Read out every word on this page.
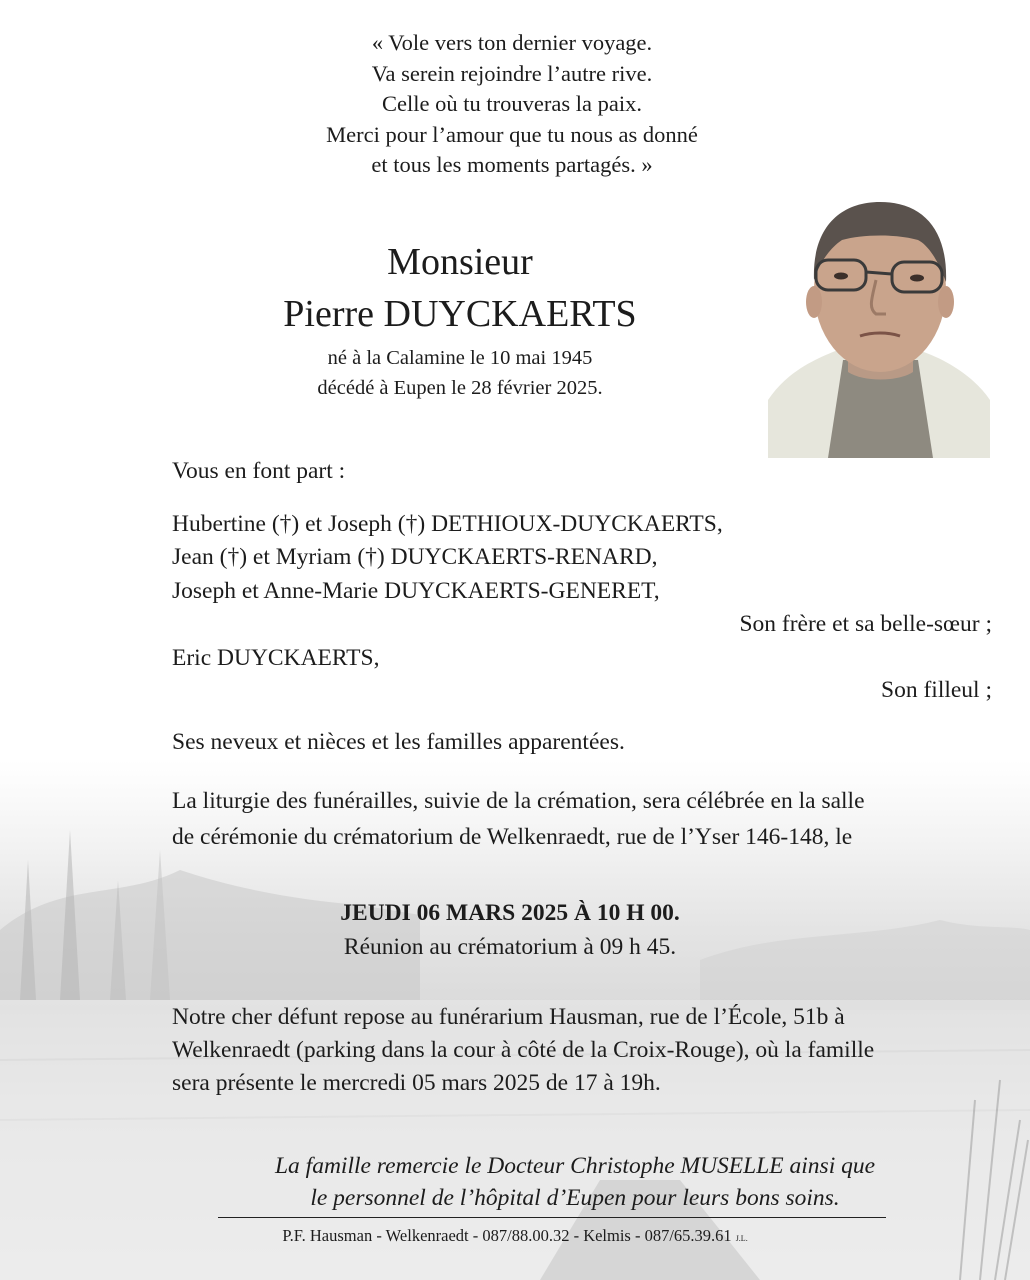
« Vole vers ton dernier voyage.
Va serein rejoindre l’autre rive.
Celle où tu trouveras la paix.
Merci pour l’amour que tu nous as donné
et tous les moments partagés. »
Monsieur
Pierre DUYCKAERTS
né à la Calamine le 10 mai 1945
décédé à Eupen le 28 février 2025.
Vous en font part :
Hubertine (†) et Joseph (†) DETHIOUX-DUYCKAERTS,
Jean (†) et Myriam (†) DUYCKAERTS-RENARD,
Joseph et Anne-Marie DUYCKAERTS-GENERET,
Son frère et sa belle-sœur ;
Eric DUYCKAERTS,
Son filleul ;
Ses neveux et nièces et les familles apparentées.
La liturgie des funérailles, suivie de la crémation, sera célébrée en la salle
de cérémonie du crématorium de Welkenraedt, rue de l’Yser 146-148, le
JEUDI 06 MARS 2025 À 10 H 00.
Réunion au crématorium à 09 h 45.
Notre cher défunt repose au funérarium Hausman, rue de l’École, 51b à
Welkenraedt (parking dans la cour à côté de la Croix-Rouge), où la famille
sera présente le mercredi 05 mars 2025 de 17 à 19h.
La famille remercie le Docteur Christophe MUSELLE ainsi que
le personnel de l’hôpital d’Eupen pour leurs bons soins.
P.F. Hausman - Welkenraedt - 087/88.00.32 - Kelmis - 087/65.39.61 J.L.
